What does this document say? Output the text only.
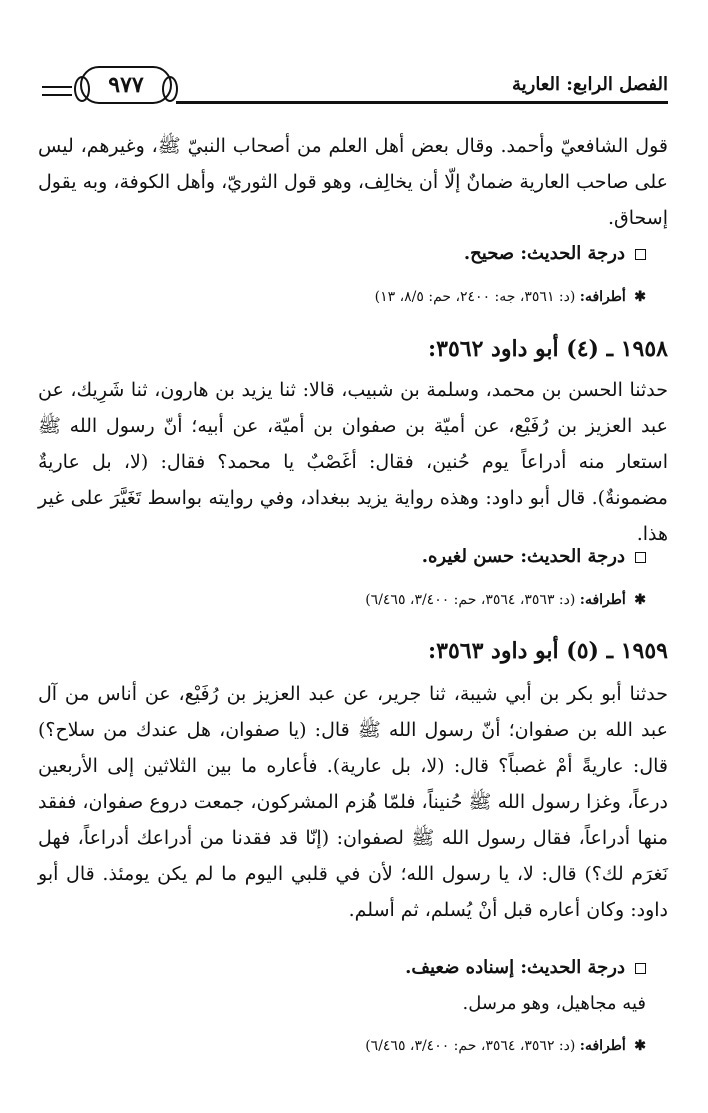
الفصل الرابع: العارية
٩٧٧

قول الشافعيّ وأحمد. وقال بعض أهل العلم من أصحاب النبيّ ﷺ، وغيرهم، ليس على صاحب العارية ضمانٌ إلّا أن يخالِف، وهو قول الثوريّ، وأهل الكوفة، وبه يقول إسحاق.

درجة الحديث: صحيح.
✱ أطرافه: (د: ٣٥٦١، جه: ٢٤٠٠، حم: ٨/٥، ١٣)
١٩٥٨ ـ (٤) أبو داود ٣٥٦٢:

حدثنا الحسن بن محمد، وسلمة بن شبيب، قالا: ثنا يزيد بن هارون، ثنا شَرِيك، عن عبد العزيز بن رُفَيْع، عن أميّة بن صفوان بن أميّة، عن أبيه؛ أنّ رسول الله ﷺ استعار منه أدراعاً يوم حُنين، فقال: أغَصْبٌ يا محمد؟ فقال: (لا، بل عاريةٌ مضمونةٌ). قال أبو داود: وهذه رواية يزيد ببغداد، وفي روايته بواسط تَغَيَّرَ على غير هذا.

درجة الحديث: حسن لغيره.
✱ أطرافه: (د: ٣٥٦٣، ٣٥٦٤، حم: ٣/٤٠٠، ٦/٤٦٥)
١٩٥٩ ـ (٥) أبو داود ٣٥٦٣:

حدثنا أبو بكر بن أبي شيبة، ثنا جرير، عن عبد العزيز بن رُفَيْع، عن أناس من آل عبد الله بن صفوان؛ أنّ رسول الله ﷺ قال: (يا صفوان، هل عندك من سلاح؟) قال: عاريةً أمْ غصباً؟ قال: (لا، بل عارية). فأعاره ما بين الثلاثين إلى الأربعين درعاً، وغزا رسول الله ﷺ حُنيناً، فلمّا هُزم المشركون، جمعت دروع صفوان، ففقد منها أدراعاً، فقال رسول الله ﷺ لصفوان: (إنّا قد فقدنا من أدراعك أدراعاً، فهل نَغرَم لك؟) قال: لا، يا رسول الله؛ لأن في قلبي اليوم ما لم يكن يومئذ. قال أبو داود: وكان أعاره قبل أنْ يُسلم، ثم أسلم.

درجة الحديث: إسناده ضعيف.
فيه مجاهيل، وهو مرسل.
✱ أطرافه: (د: ٣٥٦٢، ٣٥٦٤، حم: ٣/٤٠٠، ٦/٤٦٥)
